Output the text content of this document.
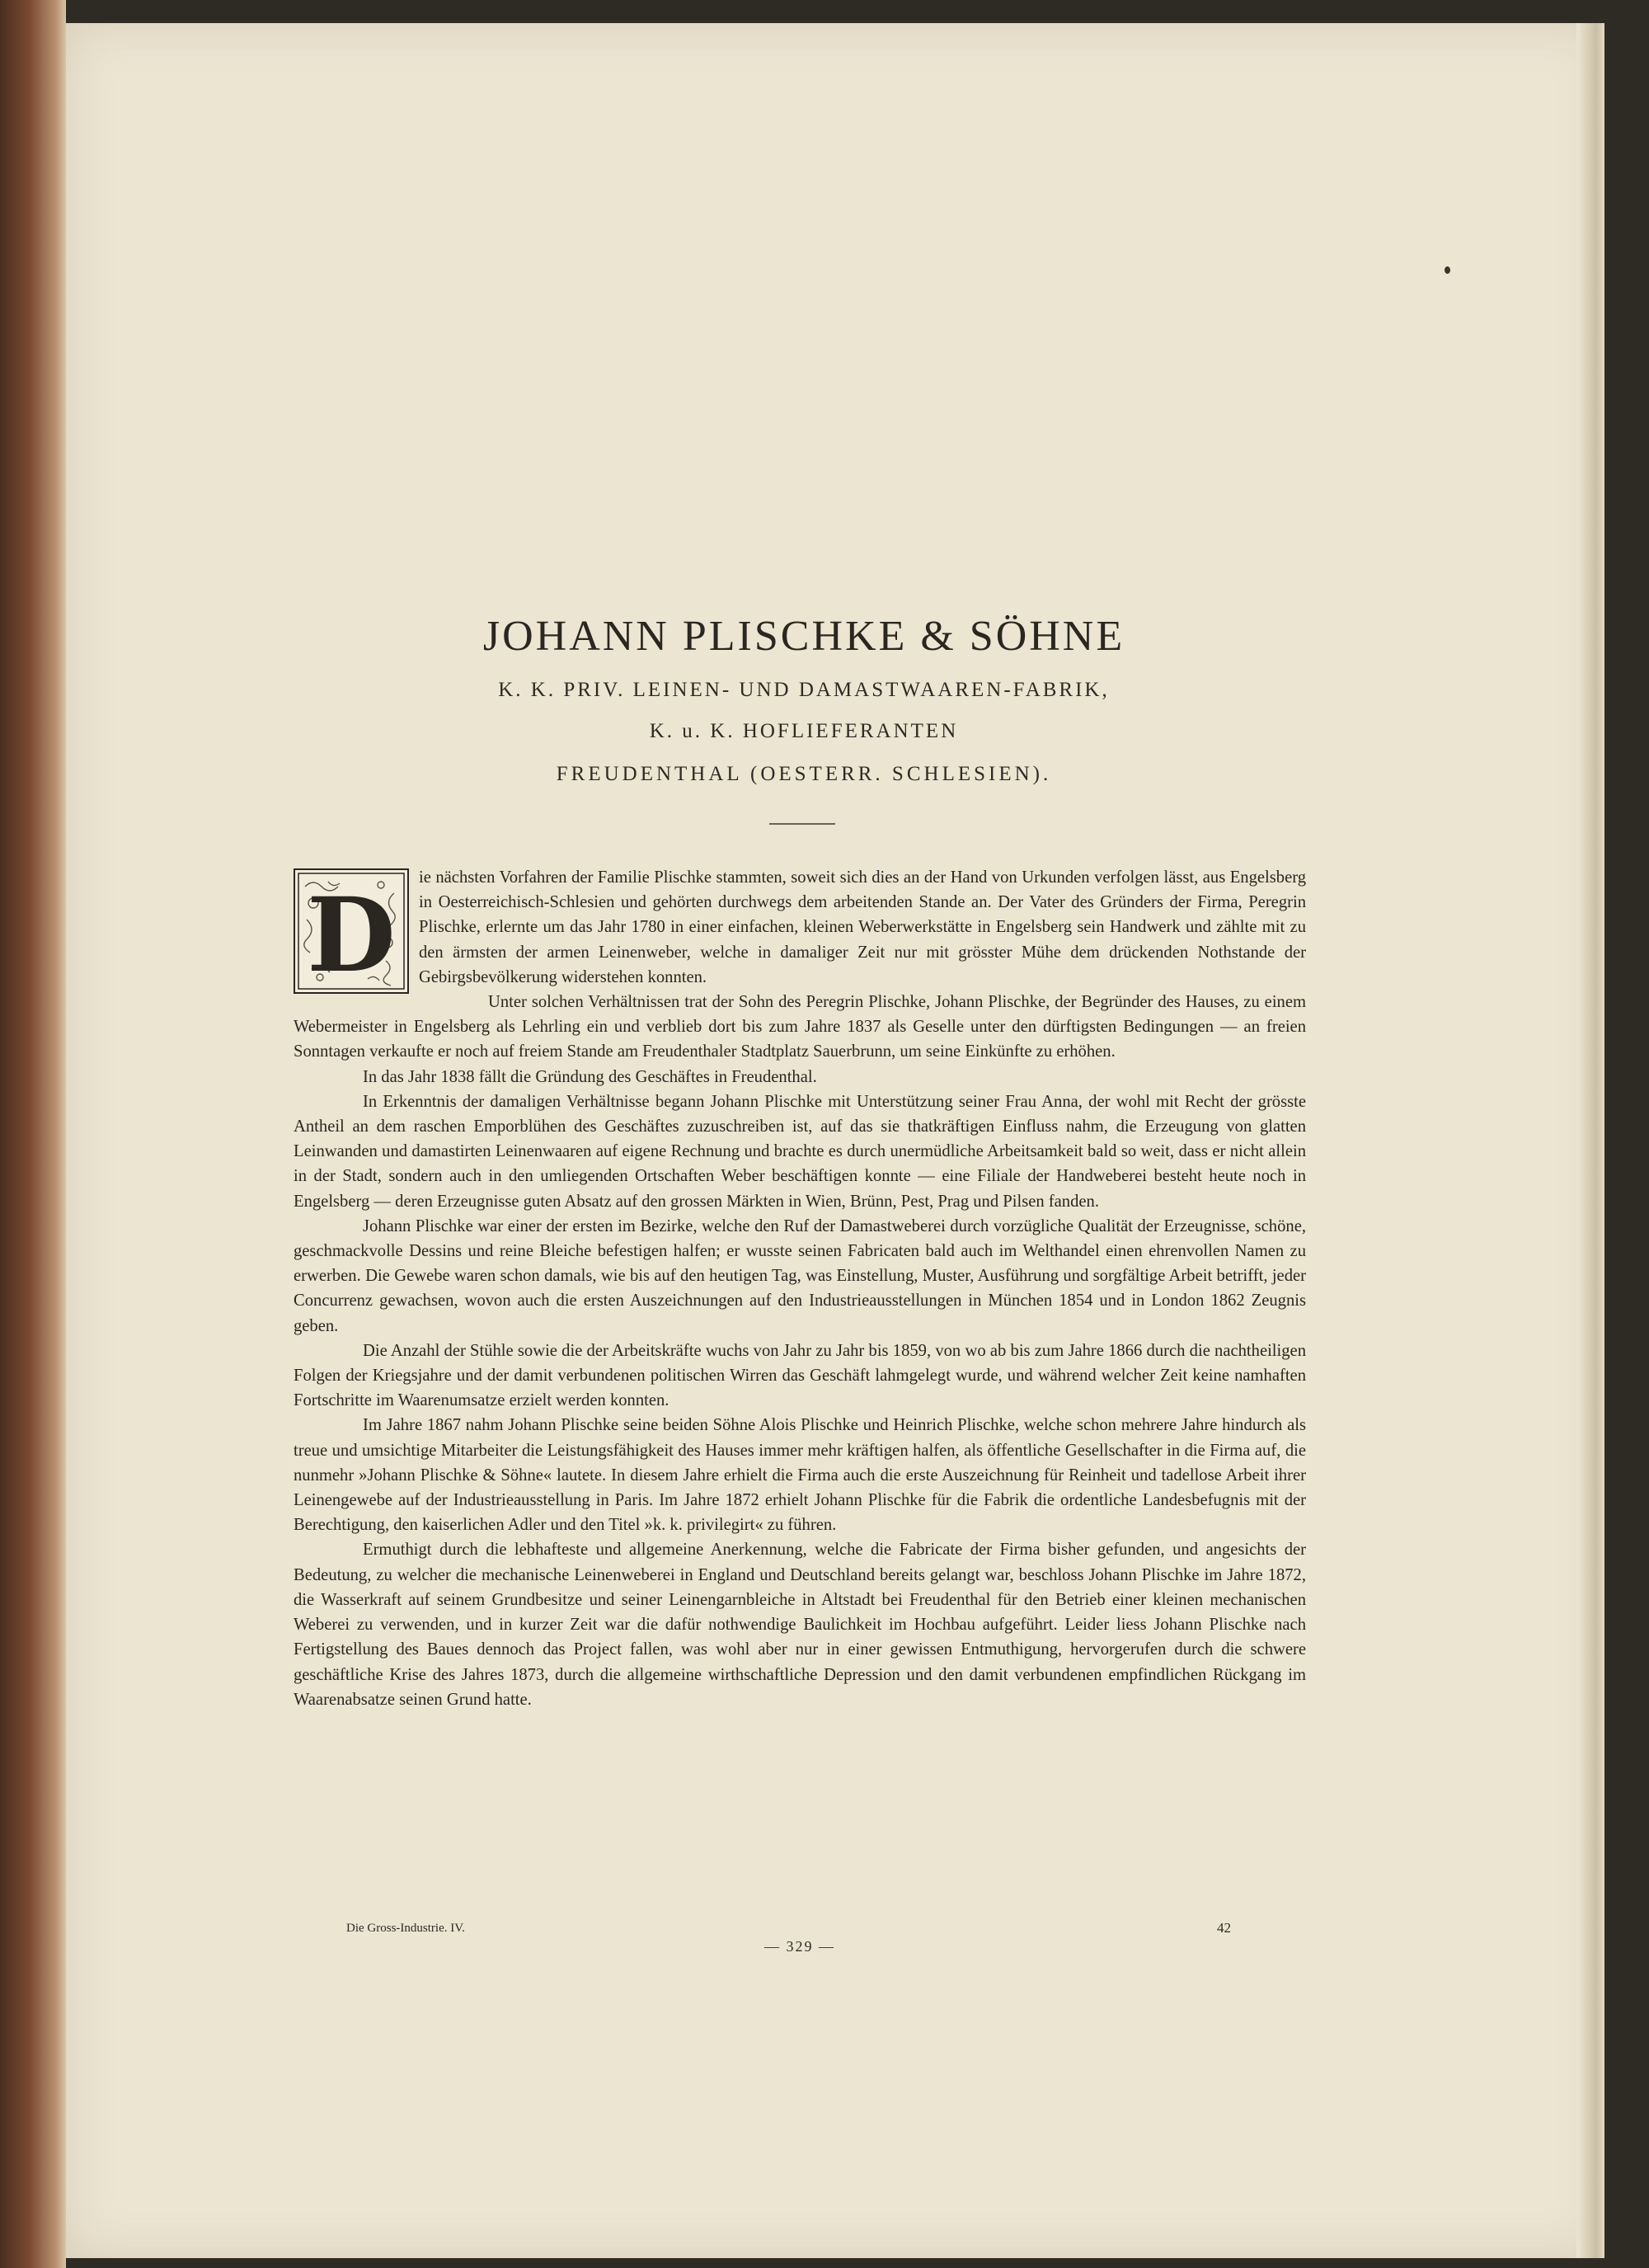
JOHANN PLISCHKE & SÖHNE
K. K. PRIV. LEINEN- UND DAMASTWAAREN-FABRIK,
K. u. K. HOFLIEFERANTEN
FREUDENTHAL (OESTERR. SCHLESIEN).
D	ie nächsten Vorfahren der Familie Plischke stammten, soweit sich dies an der Hand von Urkunden verfolgen lässt, aus Engelsberg in Oesterreichisch-Schlesien und gehörten durchwegs dem arbeitenden Stande an. Der Vater des Gründers der Firma, Peregrin Plischke, erlernte um das Jahr 1780 in einer einfachen, kleinen Weberwerkstätte in Engelsberg sein Handwerk und zählte mit zu den ärmsten der armen Leinenweber, welche in damaliger Zeit nur mit grösster Mühe dem drückenden Nothstande der Gebirgsbevölkerung widerstehen konnten.

Unter solchen Verhältnissen trat der Sohn des Peregrin Plischke, Johann Plischke, der Begründer des Hauses, zu einem Webermeister in Engelsberg als Lehrling ein und verblieb dort bis zum Jahre 1837 als Geselle unter den dürftigsten Bedingungen — an freien Sonntagen verkaufte er noch auf freiem Stande am Freudenthaler Stadtplatz Sauerbrunn, um seine Einkünfte zu erhöhen.

In das Jahr 1838 fällt die Gründung des Geschäftes in Freudenthal.

In Erkenntnis der damaligen Verhältnisse begann Johann Plischke mit Unterstützung seiner Frau Anna, der wohl mit Recht der grösste Antheil an dem raschen Emporblühen des Geschäftes zuzuschreiben ist, auf das sie thatkräftigen Einfluss nahm, die Erzeugung von glatten Leinwanden und damastirten Leinenwaaren auf eigene Rechnung und brachte es durch unermüdliche Arbeitsamkeit bald so weit, dass er nicht allein in der Stadt, sondern auch in den umliegenden Ortschaften Weber beschäftigen konnte — eine Filiale der Handweberei besteht heute noch in Engelsberg — deren Erzeugnisse guten Absatz auf den grossen Märkten in Wien, Brünn, Pest, Prag und Pilsen fanden.

Johann Plischke war einer der ersten im Bezirke, welche den Ruf der Damastweberei durch vorzügliche Qualität der Erzeugnisse, schöne, geschmackvolle Dessins und reine Bleiche befestigen halfen; er wusste seinen Fabricaten bald auch im Welthandel einen ehrenvollen Namen zu erwerben. Die Gewebe waren schon damals, wie bis auf den heutigen Tag, was Einstellung, Muster, Ausführung und sorgfältige Arbeit betrifft, jeder Concurrenz gewachsen, wovon auch die ersten Auszeichnungen auf den Industrieausstellungen in München 1854 und in London 1862 Zeugnis geben.

Die Anzahl der Stühle sowie die der Arbeitskräfte wuchs von Jahr zu Jahr bis 1859, von wo ab bis zum Jahre 1866 durch die nachtheiligen Folgen der Kriegsjahre und der damit verbundenen politischen Wirren das Geschäft lahmgelegt wurde, und während welcher Zeit keine namhaften Fortschritte im Waarenumsatze erzielt werden konnten.

Im Jahre 1867 nahm Johann Plischke seine beiden Söhne Alois Plischke und Heinrich Plischke, welche schon mehrere Jahre hindurch als treue und umsichtige Mitarbeiter die Leistungsfähigkeit des Hauses immer mehr kräftigen halfen, als öffentliche Gesellschafter in die Firma auf, die nunmehr »Johann Plischke & Söhne« lautete. In diesem Jahre erhielt die Firma auch die erste Auszeichnung für Reinheit und tadellose Arbeit ihrer Leinengewebe auf der Industrieausstellung in Paris. Im Jahre 1872 erhielt Johann Plischke für die Fabrik die ordentliche Landesbefugnis mit der Berechtigung, den kaiserlichen Adler und den Titel »k. k. privilegirt« zu führen.

Ermuthigt durch die lebhafteste und allgemeine Anerkennung, welche die Fabricate der Firma bisher gefunden, und angesichts der Bedeutung, zu welcher die mechanische Leinenweberei in England und Deutschland bereits gelangt war, beschloss Johann Plischke im Jahre 1872, die Wasserkraft auf seinem Grundbesitze und seiner Leinengarnbleiche in Altstadt bei Freudenthal für den Betrieb einer kleinen mechanischen Weberei zu verwenden, und in kurzer Zeit war die dafür nothwendige Baulichkeit im Hochbau aufgeführt. Leider liess Johann Plischke nach Fertigstellung des Baues dennoch das Project fallen, was wohl aber nur in einer gewissen Entmuthigung, hervorgerufen durch die schwere geschäftliche Krise des Jahres 1873, durch die allgemeine wirthschaftliche Depression und den damit verbundenen empfindlichen Rückgang im Waarenabsatze seinen Grund hatte.

Die Gross-Industrie. IV.
— 329 —
42
